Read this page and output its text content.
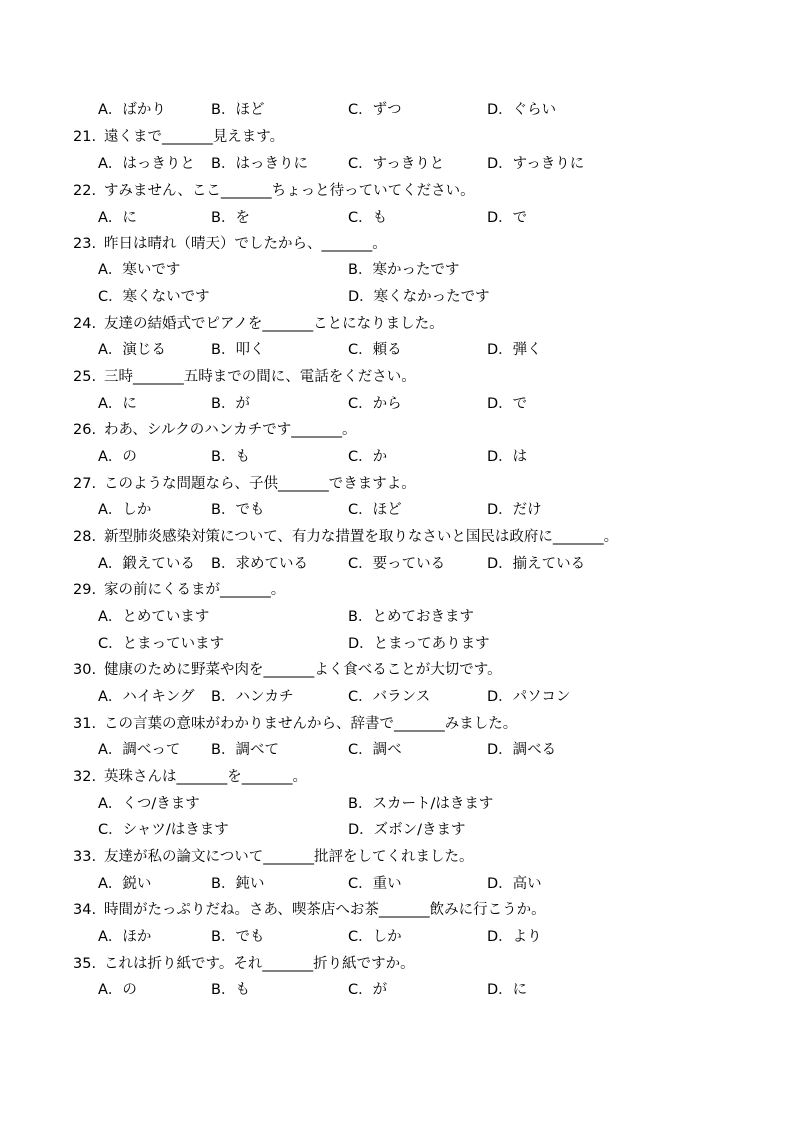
A．ばかり	B．ほど	C．ずつ	D．ぐらい
21. 遠くまで_______見えます。
A．はっきりと B．はっきりに	C．すっきりと	D．すっきりに
22. すみません、ここ_______ちょっと待っていてください。
A．に	B．を	C．も	D．で
23. 昨日は晴れ（晴天）でしたから、_______。
A．寒いです	B．寒かったです
C．寒くないです	D．寒くなかったです
24. 友達の結婚式でピアノを_______ことになりました。
A．演じる	B．叩く	C．頼る	D．弾く
25. 三時_______五時までの間に、電話をください。
A．に	B．が	C．から	D．で
26. わあ、シルクのハンカチです_______。
A．の	B．も	C．か	D．は
27. このような問題なら、子供_______できますよ。
A．しか	B．でも	C．ほど	D．だけ
28. 新型肺炎感染対策について、有力な措置を取りなさいと国民は政府に_______。
A．鍛えている B．求めている	C．要っている	D．揃えている
29. 家の前にくるまが_______。
A．とめています	B．とめておきます
C．とまっています	D．とまってあります
30. 健康のために野菜や肉を_______よく食べることが大切です。
A．ハイキング B．ハンカチ	C．バランス	D．パソコン
31. この言葉の意味がわかりませんから、辞書で_______みました。
A．調べって B．調べて	C．調べ	D．調べる
32. 英珠さんは_______を_______。
A．くつ/きます	B．スカート/はきます
C．シャツ/はきます	D．ズボン/きます
33. 友達が私の論文について_______批評をしてくれました。
A．鋭い	B．鈍い	C．重い	D．高い
34. 時間がたっぷりだね。さあ、喫茶店へお茶_______飲みに行こうか。
A．ほか	B．でも	C．しか	D．より
35. これは折り紙です。それ_______折り紙ですか。
A．の	B．も	C．が	D．に
